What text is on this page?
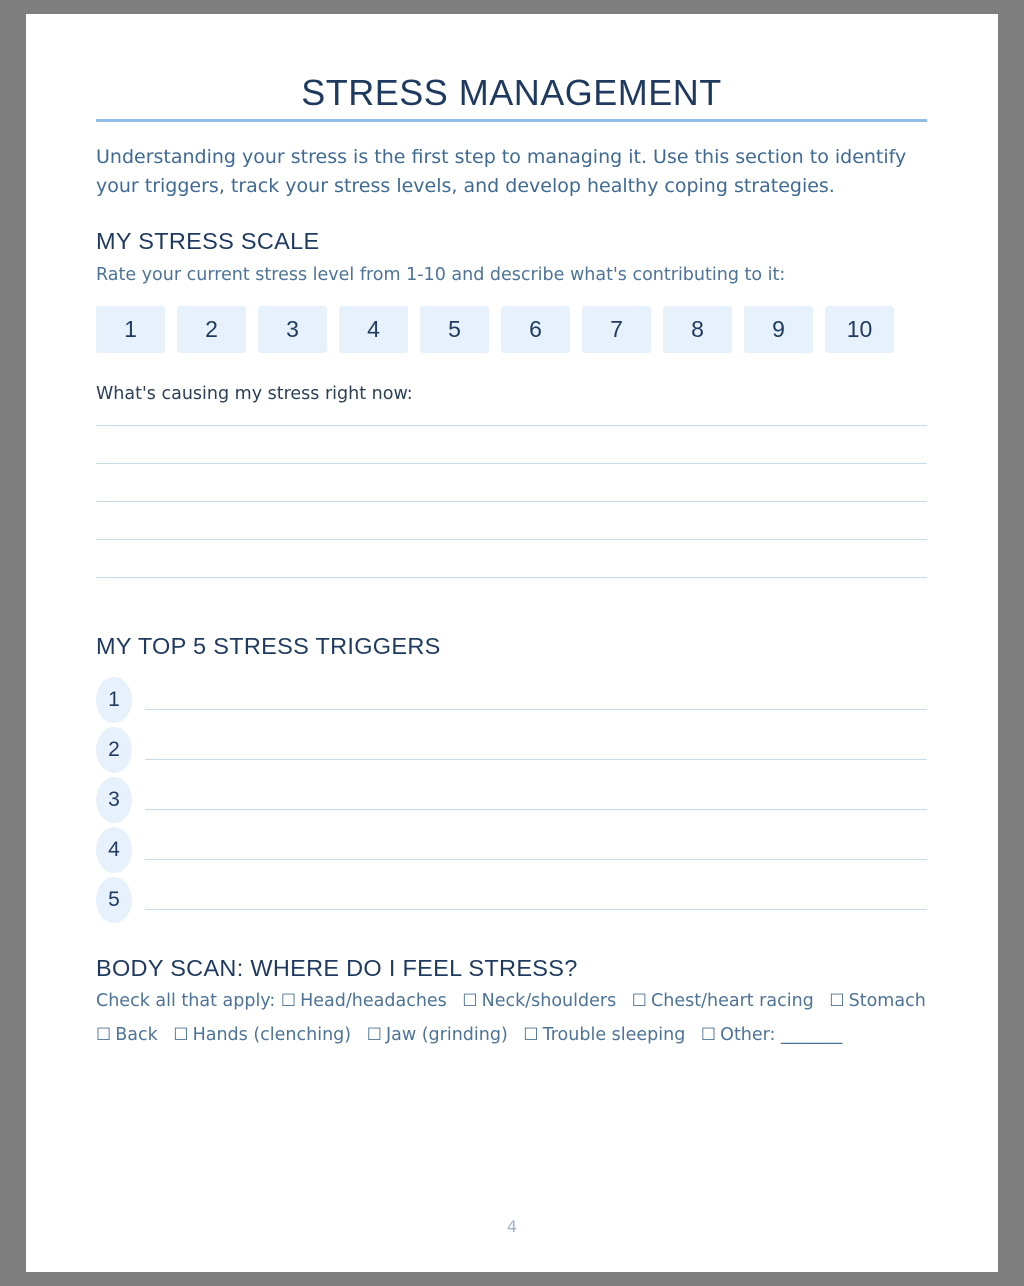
STRESS MANAGEMENT
Understanding your stress is the first step to managing it. Use this section to identify
your triggers, track your stress levels, and develop healthy coping strategies.
MY STRESS SCALE
Rate your current stress level from 1-10 and describe what's contributing to it:
1	2	3	4	5	6	7	8	9	10
What's causing my stress right now:
MY TOP 5 STRESS TRIGGERS
1
2
3
4
5
BODY SCAN: WHERE DO I FEEL STRESS?
Check all that apply: ☐ Head/headaches ☐ Neck/shoulders ☐ Chest/heart racing ☐ Stomach
☐ Back ☐ Hands (clenching) ☐ Jaw (grinding) ☐ Trouble sleeping ☐ Other: _______
4
